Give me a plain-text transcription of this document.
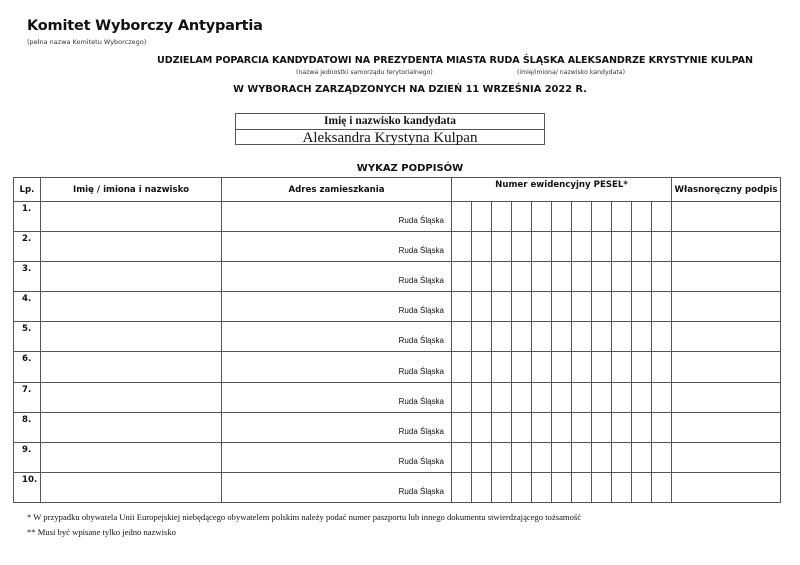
Komitet Wyborczy Antypartia
(pełna nazwa Komitetu Wyborczego)
UDZIELAM POPARCIA KANDYDATOWI NA PREZYDENTA MIASTA RUDA ŚLĄSKA ALEKSANDRZE KRYSTYNIE KULPAN
(nazwa jednostki samorządu terytorialnego)	(imię/imiona/ nazwisko kandydata)
W WYBORACH ZARZĄDZONYCH NA DZIEŃ 11 WRZEŚNIA 2022 R.
Imię i nazwisko kandydata
Aleksandra Krystyna Kulpan
WYKAZ PODPISÓW
Lp.	Imię / imiona i nazwisko	Adres zamieszkania	Numer ewidencyjny PESEL*											Własnoręczny podpis
1.		Ruda Śląska												
2.		Ruda Śląska												
3.		Ruda Śląska												
4.		Ruda Śląska												
5.		Ruda Śląska												
6.		Ruda Śląska												
7.		Ruda Śląska												
8.		Ruda Śląska												
9.		Ruda Śląska												
10.		Ruda Śląska												
* W przypadku obywatela Unii Europejskiej niebędącego obywatelem polskim należy podać numer paszportu lub innego dokumentu stwierdzającego tożsamość
** Musi być wpisane tylko jedno nazwisko
